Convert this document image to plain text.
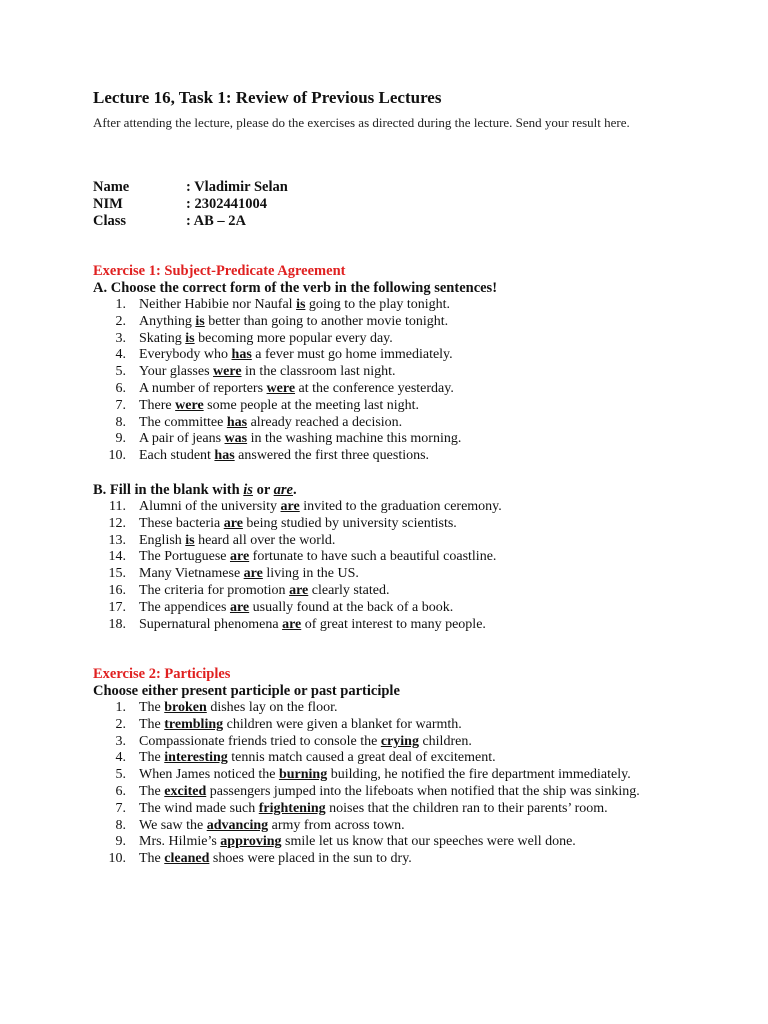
Lecture 16, Task 1: Review of Previous Lectures

After attending the lecture, please do the exercises as directed during the lecture. Send your result here.

Name	: Vladimir Selan
NIM	: 2302441004
Class	: AB – 2A
Exercise 1: Subject-Predicate Agreement
A. Choose the correct form of the verb in the following sentences!
1. Neither Habibie nor Naufal is going to the play tonight.
2. Anything is better than going to another movie tonight.
3. Skating is becoming more popular every day.
4. Everybody who has a fever must go home immediately.
5. Your glasses were in the classroom last night.
6. A number of reporters were at the conference yesterday.
7. There were some people at the meeting last night.
8. The committee has already reached a decision.
9. A pair of jeans was in the washing machine this morning.
10. Each student has answered the first three questions.
B. Fill in the blank with is or are.
11. Alumni of the university are invited to the graduation ceremony.
12. These bacteria are being studied by university scientists.
13. English is heard all over the world.
14. The Portuguese are fortunate to have such a beautiful coastline.
15. Many Vietnamese are living in the US.
16. The criteria for promotion are clearly stated.
17. The appendices are usually found at the back of a book.
18. Supernatural phenomena are of great interest to many people.
Exercise 2: Participles
Choose either present participle or past participle
1. The broken dishes lay on the floor.
2. The trembling children were given a blanket for warmth.
3. Compassionate friends tried to console the crying children.
4. The interesting tennis match caused a great deal of excitement.
5. When James noticed the burning building, he notified the fire department immediately.
6. The excited passengers jumped into the lifeboats when notified that the ship was sinking.
7. The wind made such frightening noises that the children ran to their parents’ room.
8. We saw the advancing army from across town.
9. Mrs. Hilmie’s approving smile let us know that our speeches were well done.
10. The cleaned shoes were placed in the sun to dry.
